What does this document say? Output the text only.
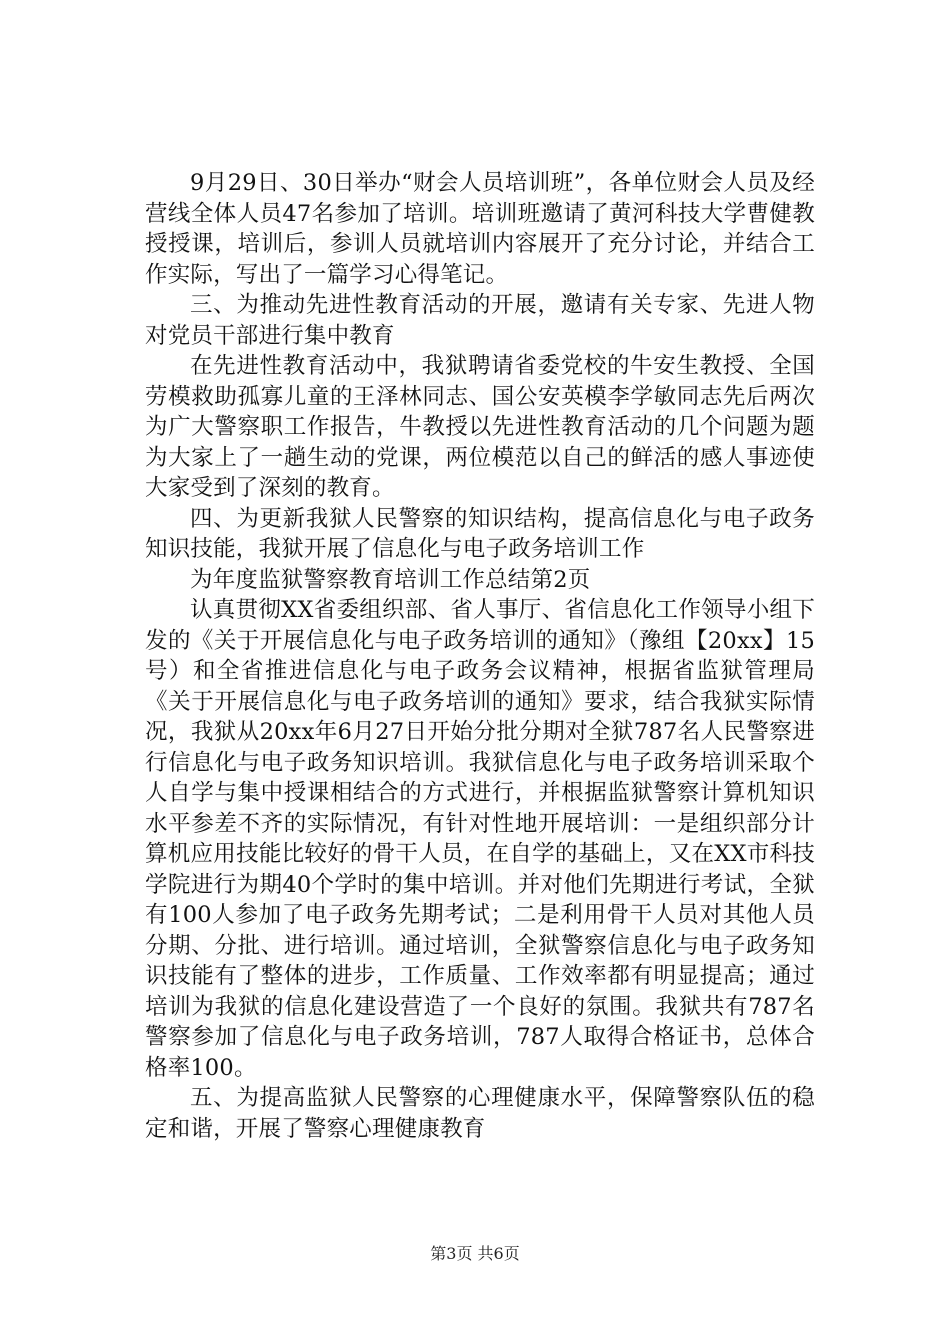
9月29日、30日举办“财会人员培训班”，各单位财会人员及经营线全体人员47名参加了培训。培训班邀请了黄河科技大学曹健教授授课，培训后，参训人员就培训内容展开了充分讨论，并结合工作实际，写出了一篇学习心得笔记。

三、为推动先进性教育活动的开展，邀请有关专家、先进人物对党员干部进行集中教育

在先进性教育活动中，我狱聘请省委党校的牛安生教授、全国劳模救助孤寡儿童的王泽林同志、国公安英模李学敏同志先后两次为广大警察职工作报告，牛教授以先进性教育活动的几个问题为题为大家上了一趟生动的党课，两位模范以自己的鲜活的感人事迹使大家受到了深刻的教育。

四、为更新我狱人民警察的知识结构，提高信息化与电子政务知识技能，我狱开展了信息化与电子政务培训工作

为年度监狱警察教育培训工作总结第2页

认真贯彻XX省委组织部、省人事厅、省信息化工作领导小组下发的《关于开展信息化与电子政务培训的通知》（豫组【20xx】15号）和全省推进信息化与电子政务会议精神，根据省监狱管理局《关于开展信息化与电子政务培训的通知》要求，结合我狱实际情况，我狱从20xx年6月27日开始分批分期对全狱787名人民警察进行信息化与电子政务知识培训。我狱信息化与电子政务培训采取个人自学与集中授课相结合的方式进行，并根据监狱警察计算机知识水平参差不齐的实际情况，有针对性地开展培训：一是组织部分计算机应用技能比较好的骨干人员，在自学的基础上，又在XX市科技学院进行为期40个学时的集中培训。并对他们先期进行考试，全狱有100人参加了电子政务先期考试；二是利用骨干人员对其他人员分期、分批、进行培训。通过培训，全狱警察信息化与电子政务知识技能有了整体的进步，工作质量、工作效率都有明显提高；通过培训为我狱的信息化建设营造了一个良好的氛围。我狱共有787名警察参加了信息化与电子政务培训，787人取得合格证书，总体合格率100。

五、为提高监狱人民警察的心理健康水平，保障警察队伍的稳定和谐，开展了警察心理健康教育

第3页 共6页
